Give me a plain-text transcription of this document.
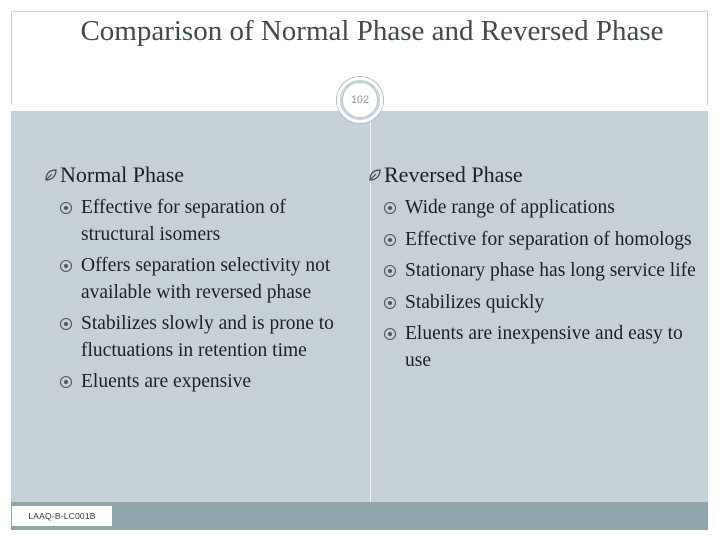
Comparison of Normal Phase and Reversed Phase
Normal Phase
Effective for separation of structural isomers
Offers separation selectivity not available with reversed phase
Stabilizes slowly and is prone to fluctuations in retention time
Eluents are expensive
Reversed Phase
Wide range of applications
Effective for separation of homologs
Stationary phase has long service life
Stabilizes quickly
Eluents are inexpensive and easy to use
102
LAAQ-B-LC001B
